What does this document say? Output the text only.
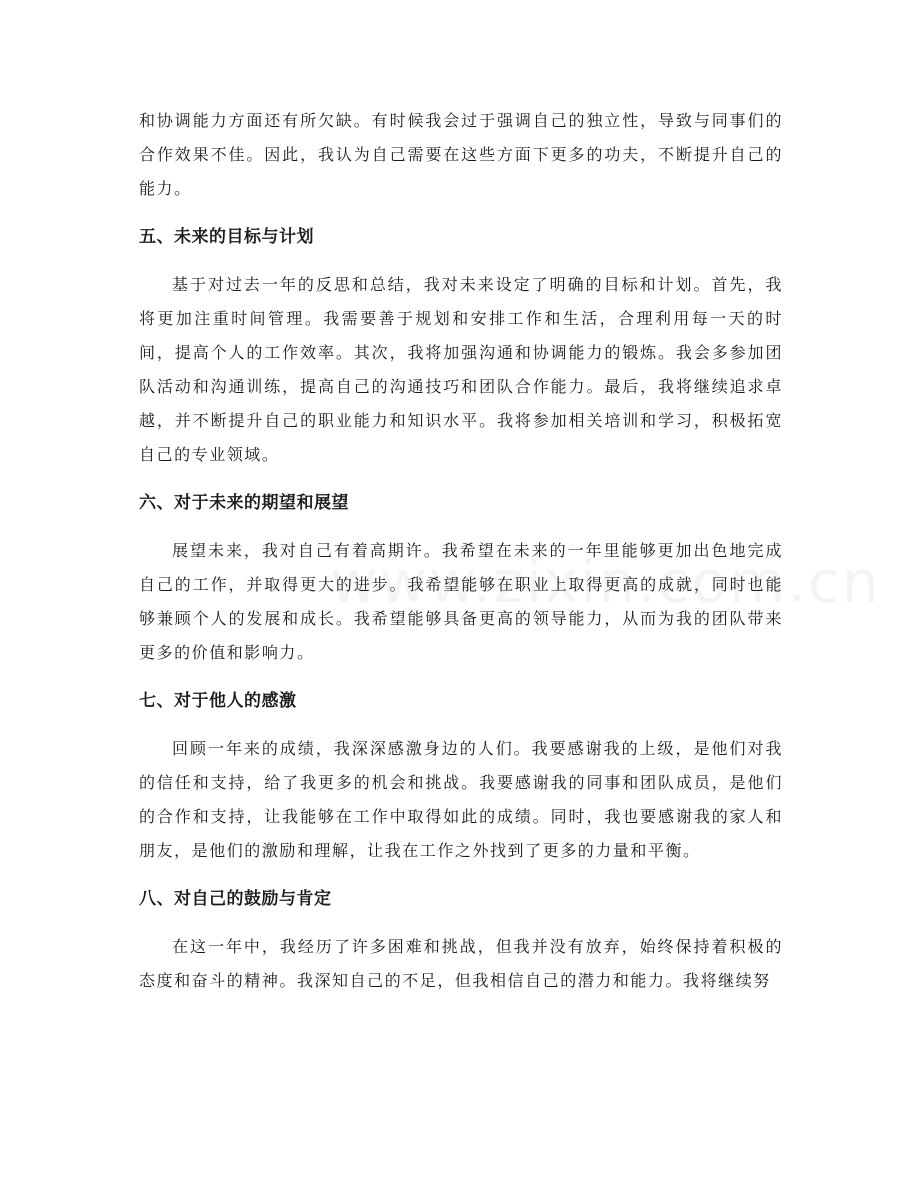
和协调能力方面还有所欠缺。有时候我会过于强调自己的独立性，导致与同事们的合作效果不佳。因此，我认为自己需要在这些方面下更多的功夫，不断提升自己的能力。

五、未来的目标与计划

基于对过去一年的反思和总结，我对未来设定了明确的目标和计划。首先，我将更加注重时间管理。我需要善于规划和安排工作和生活，合理利用每一天的时间，提高个人的工作效率。其次，我将加强沟通和协调能力的锻炼。我会多参加团队活动和沟通训练，提高自己的沟通技巧和团队合作能力。最后，我将继续追求卓越，并不断提升自己的职业能力和知识水平。我将参加相关培训和学习，积极拓宽自己的专业领域。

六、对于未来的期望和展望

展望未来，我对自己有着高期许。我希望在未来的一年里能够更加出色地完成自己的工作，并取得更大的进步。我希望能够在职业上取得更高的成就，同时也能够兼顾个人的发展和成长。我希望能够具备更高的领导能力，从而为我的团队带来更多的价值和影响力。

七、对于他人的感激

回顾一年来的成绩，我深深感激身边的人们。我要感谢我的上级，是他们对我的信任和支持，给了我更多的机会和挑战。我要感谢我的同事和团队成员，是他们的合作和支持，让我能够在工作中取得如此的成绩。同时，我也要感谢我的家人和朋友，是他们的激励和理解，让我在工作之外找到了更多的力量和平衡。

八、对自己的鼓励与肯定

在这一年中，我经历了许多困难和挑战，但我并没有放弃，始终保持着积极的态度和奋斗的精神。我深知自己的不足，但我相信自己的潜力和能力。我将继续努
